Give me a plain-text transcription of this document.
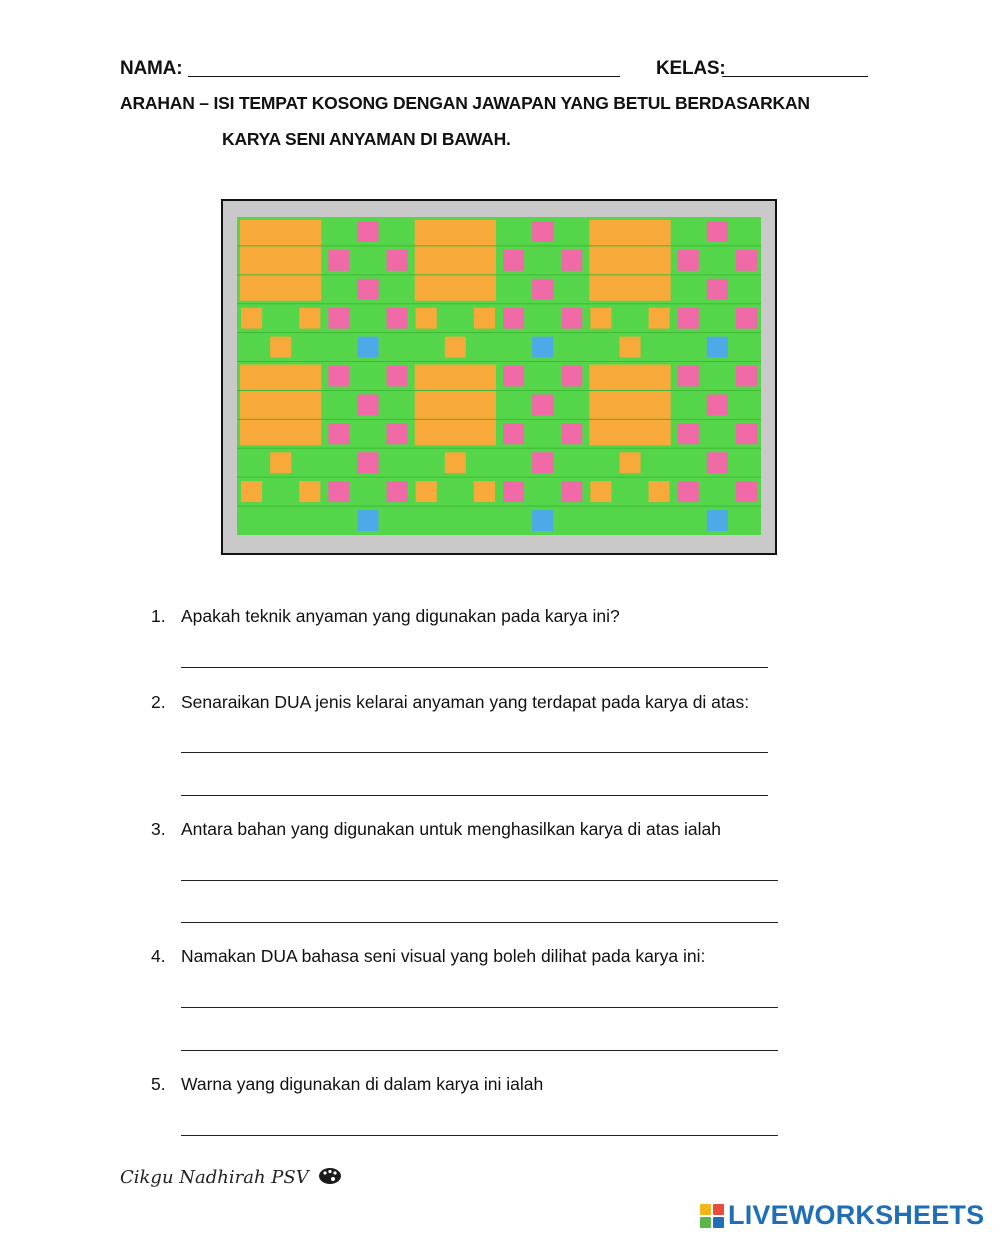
NAMA:	KELAS:
ARAHAN – ISI TEMPAT KOSONG DENGAN JAWAPAN YANG BETUL BERDASARKAN
KARYA SENI ANYAMAN DI BAWAH.
1. Apakah teknik anyaman yang digunakan pada karya ini?
2. Senaraikan DUA jenis kelarai anyaman yang terdapat pada karya di atas:
3. Antara bahan yang digunakan untuk menghasilkan karya di atas ialah
4. Namakan DUA bahasa seni visual yang boleh dilihat pada karya ini:
5. Warna yang digunakan di dalam karya ini ialah
Cikgu Nadhirah PSV
LIVEWORKSHEETS
